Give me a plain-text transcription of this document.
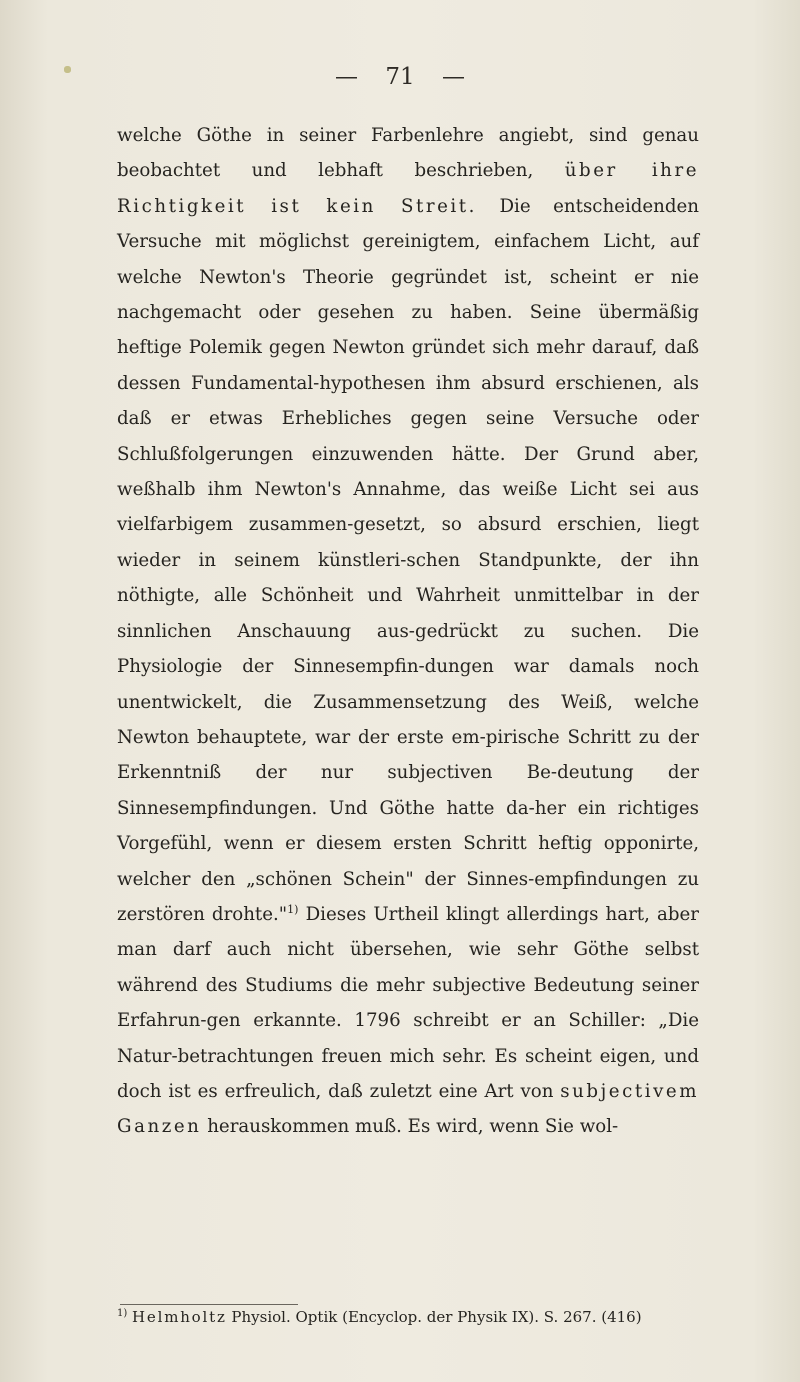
— 71 —

welche Göthe in seiner Farbenlehre angiebt, sind genau beobachtet und lebhaft beschrieben, über ihre Richtigkeit ist kein Streit. Die entscheidenden Versuche mit möglichst gereinigtem, einfachem Licht, auf welche Newton's Theorie gegründet ist, scheint er nie nachgemacht oder gesehen zu haben. Seine übermäßig heftige Polemik gegen Newton gründet sich mehr darauf, daß dessen Fundamental-hypothesen ihm absurd erschienen, als daß er etwas Erhebliches gegen seine Versuche oder Schlußfolgerungen einzuwenden hätte. Der Grund aber, weßhalb ihm Newton's Annahme, das weiße Licht sei aus vielfarbigem zusammen-gesetzt, so absurd erschien, liegt wieder in seinem künstleri-schen Standpunkte, der ihn nöthigte, alle Schönheit und Wahrheit unmittelbar in der sinnlichen Anschauung aus-gedrückt zu suchen. Die Physiologie der Sinnesempfin-dungen war damals noch unentwickelt, die Zusammensetzung des Weiß, welche Newton behauptete, war der erste em-pirische Schritt zu der Erkenntniß der nur subjectiven Be-deutung der Sinnesempfindungen. Und Göthe hatte da-her ein richtiges Vorgefühl, wenn er diesem ersten Schritt heftig opponirte, welcher den „schönen Schein" der Sinnes-empfindungen zu zerstören drohte."$^{1)}$ Dieses Urtheil klingt allerdings hart, aber man darf auch nicht übersehen, wie sehr Göthe selbst während des Studiums die mehr subjective Bedeutung seiner Erfahrun-gen erkannte. 1796 schreibt er an Schiller: „Die Natur-betrachtungen freuen mich sehr. Es scheint eigen, und doch ist es erfreulich, daß zuletzt eine Art von subjectivem Ganzen herauskommen muß. Es wird, wenn Sie wol-

$^{1)}$ Helmholtz Physiol. Optik (Encyclop. der Physik IX). S. 267. (416)
